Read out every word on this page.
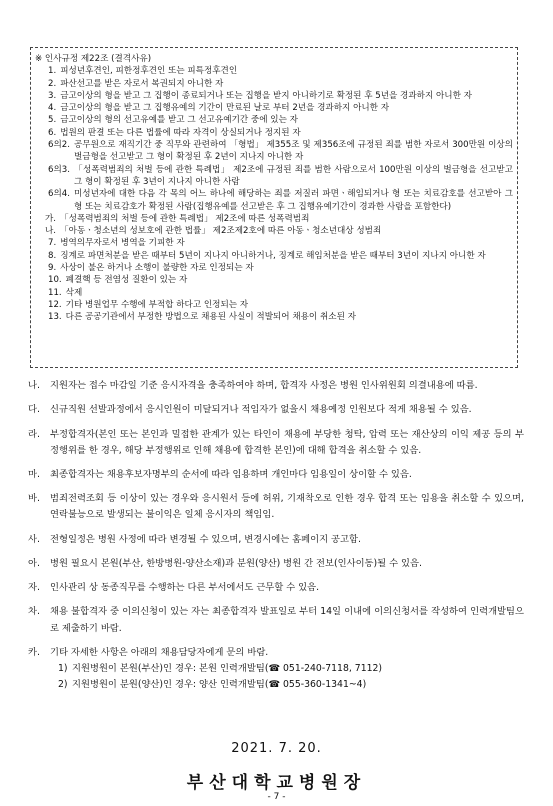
※ 인사규정 제22조 (결격사유)
1. 피성년후견인, 피한정후견인 또는 피특정후견인
2. 파산선고를 받은 자로서 복권되지 아니한 자
3. 금고이상의 형을 받고 그 집행이 종료되거나 또는 집행을 받지 아니하기로 확정된 후 5년을 경과하지 아니한 자
4. 금고이상의 형을 받고 그 집행유예의 기간이 만료된 날로 부터 2년을 경과하지 아니한 자
5. 금고이상의 형의 선고유예를 받고 그 선고유예기간 중에 있는 자
6. 법원의 판결 또는 다른 법률에 따라 자격이 상실되거나 정지된 자
6의2. 공무원으로 재직기간 중 직무와 관련하여 「형법」 제355조 및 제356조에 규정된 죄를 범한 자로서 300만원 이상의 벌금형을 선고받고 그 형이 확정된 후 2년이 지나지 아니한 자
6의3. 「성폭력범죄의 처벌 등에 관한 특례법」 제2조에 규정된 죄를 범한 사람으로서 100만원 이상의 벌금형을 선고받고 그 형이 확정된 후 3년이 지나지 아니한 사람
6의4. 미성년자에 대한 다음 각 목의 어느 하나에 해당하는 죄를 저질러 파면ㆍ해임되거나 형 또는 치료감호를 선고받아 그 형 또는 치료감호가 확정된 사람(집행유예를 선고받은 후 그 집행유예기간이 경과한 사람을 포함한다)
가. 「성폭력범죄의 처벌 등에 관한 특례법」 제2조에 따른 성폭력범죄
나. 「아동ㆍ청소년의 성보호에 관한 법률」 제2조제2호에 따른 아동ㆍ청소년대상 성범죄
7. 병역의무자로서 병역을 기피한 자
8. 징계로 파면처분을 받은 때부터 5년이 지나지 아니하거나, 징계로 해임처분을 받은 때부터 3년이 지나지 아니한 자
9. 사상이 불온 하거나 소행이 불량한 자로 인정되는 자
10. 폐결핵 등 전염성 질환이 있는 자
11. 삭제
12. 기타 병원업무 수행에 부적합 하다고 인정되는 자
13. 다른 공공기관에서 부정한 방법으로 채용된 사실이 적발되어 채용이 취소된 자
나.	지원자는 접수 마감일 기준 응시자격을 충족하여야 하며, 합격자 사정은 병원 인사위원회 의결내용에 따름.
다.	신규직원 선발과정에서 응시인원이 미달되거나 적임자가 없을시 채용예정 인원보다 적게 채용될 수 있음.
라.	부정합격자(본인 또는 본인과 밀접한 관계가 있는 타인이 채용에 부당한 청탁, 압력 또는 재산상의 이익 제공 등의 부정행위를 한 경우, 해당 부정행위로 인해 채용에 합격한 본인)에 대해 합격을 취소할 수 있음.
마.	최종합격자는 채용후보자명부의 순서에 따라 임용하며 개인마다 임용일이 상이할 수 있음.
바.	범죄전력조회 등 이상이 있는 경우와 응시원서 등에 허위, 기재착오로 인한 경우 합격 또는 임용을 취소할 수 있으며, 연락불능으로 발생되는 불이익은 일체 응시자의 책임임.
사.	전형일정은 병원 사정에 따라 변경될 수 있으며, 변경시에는 홈페이지 공고함.
아.	병원 필요시 본원(부산, 한방병원-양산소재)과 분원(양산) 병원 간 전보(인사이동)될 수 있음.
자.	인사관리 상 동종직무를 수행하는 다른 부서에서도 근무할 수 있음.
차.	채용 불합격자 중 이의신청이 있는 자는 최종합격자 발표일로 부터 14일 이내에 이의신청서를 작성하여 인력개발팀으로 제출하기 바람.
카.	기타 자세한 사항은 아래의 채용담당자에게 문의 바람.
1) 지원병원이 본원(부산)인 경우: 본원 인력개발팀(☎ 051-240-7118, 7112)
2) 지원병원이 분원(양산)인 경우: 양산 인력개발팀(☎ 055-360-1341~4)
2021. 7. 20.
부산대학교병원장
- 7 -
